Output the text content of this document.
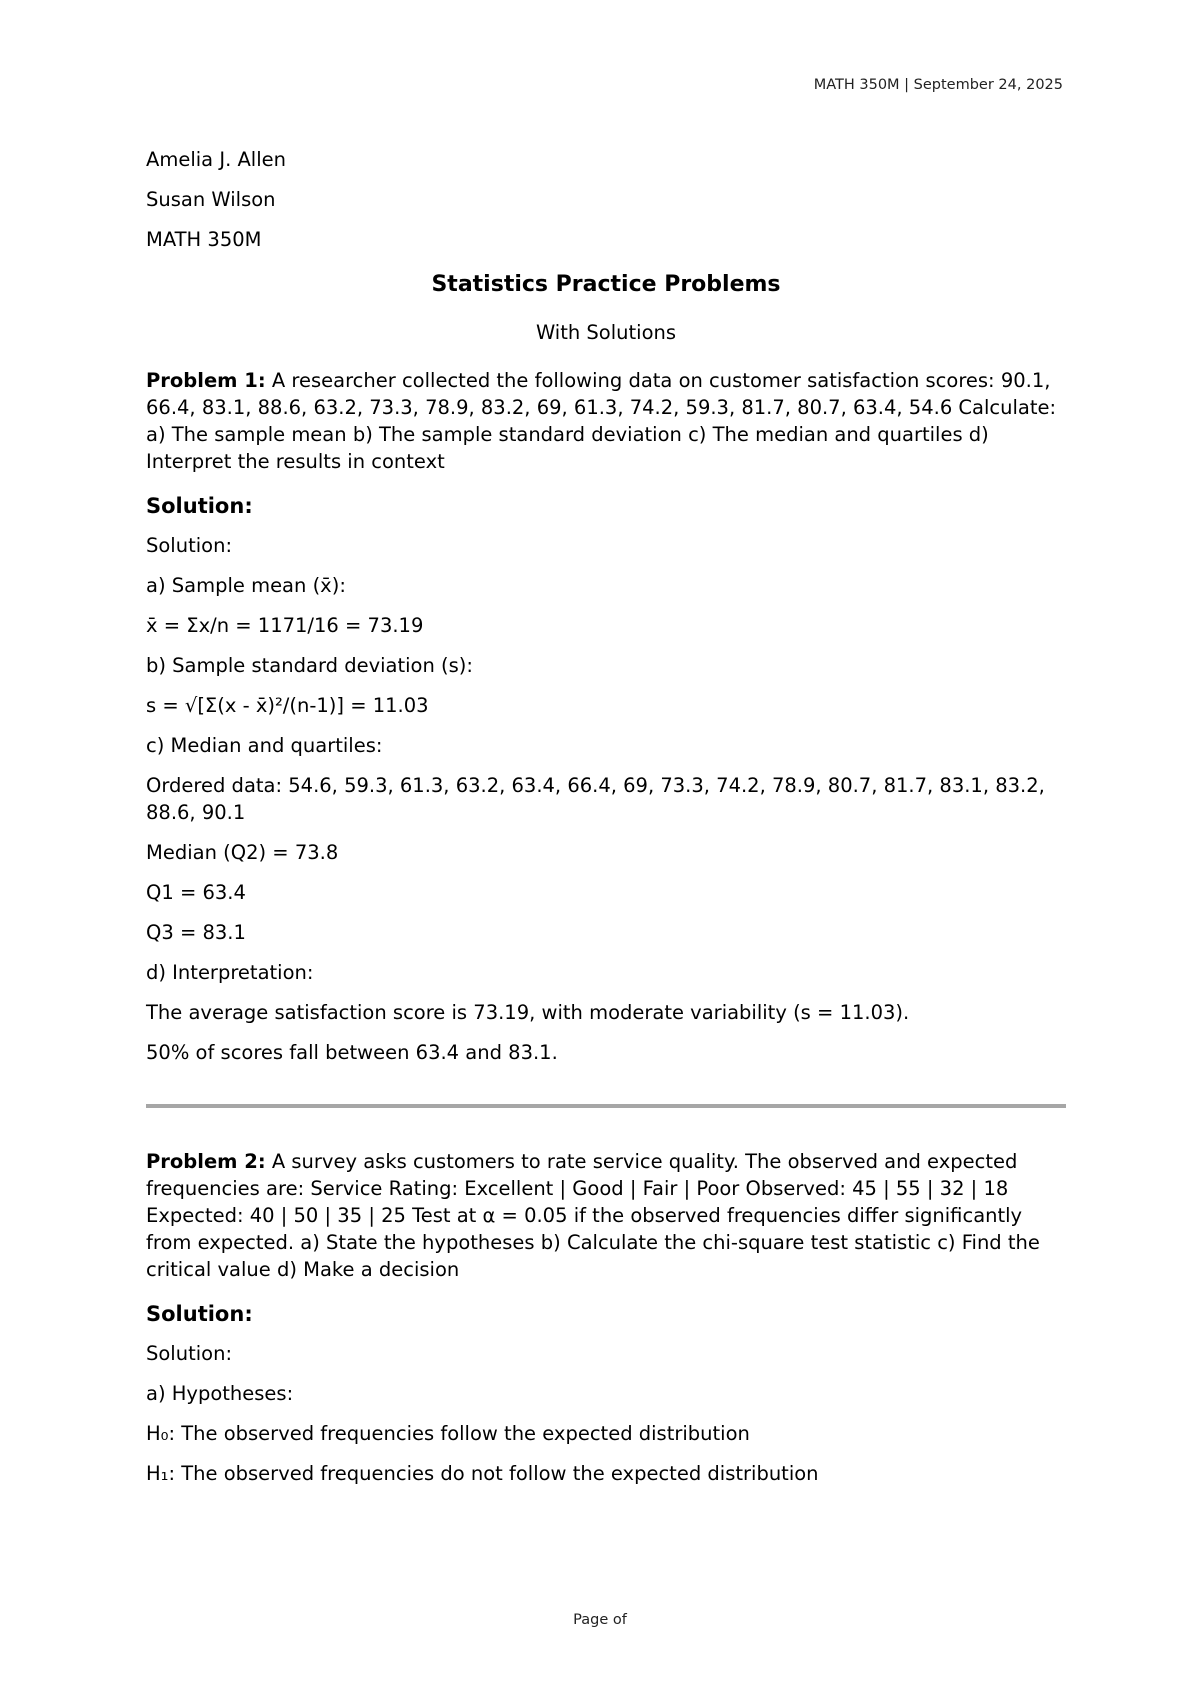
MATH 350M | September 24, 2025
Amelia J. Allen
Susan Wilson
MATH 350M
Statistics Practice Problems
With Solutions
Problem 1: A researcher collected the following data on customer satisfaction scores: 90.1, 66.4, 83.1, 88.6, 63.2, 73.3, 78.9, 83.2, 69, 61.3, 74.2, 59.3, 81.7, 80.7, 63.4, 54.6 Calculate: a) The sample mean b) The sample standard deviation c) The median and quartiles d) Interpret the results in context
Solution:
Solution:
a) Sample mean (x̄):
x̄ = Σx/n = 1171/16 = 73.19
b) Sample standard deviation (s):
s = √[Σ(x - x̄)²/(n-1)] = 11.03
c) Median and quartiles:
Ordered data: 54.6, 59.3, 61.3, 63.2, 63.4, 66.4, 69, 73.3, 74.2, 78.9, 80.7, 81.7, 83.1, 83.2, 88.6, 90.1
Median (Q2) = 73.8
Q1 = 63.4
Q3 = 83.1
d) Interpretation:
The average satisfaction score is 73.19, with moderate variability (s = 11.03).
50% of scores fall between 63.4 and 83.1.
Problem 2: A survey asks customers to rate service quality. The observed and expected frequencies are: Service Rating: Excellent | Good | Fair | Poor Observed: 45 | 55 | 32 | 18 Expected: 40 | 50 | 35 | 25 Test at α = 0.05 if the observed frequencies differ significantly from expected. a) State the hypotheses b) Calculate the chi-square test statistic c) Find the critical value d) Make a decision
Solution:
Solution:
a) Hypotheses:
H₀: The observed frequencies follow the expected distribution
H₁: The observed frequencies do not follow the expected distribution
Page of
